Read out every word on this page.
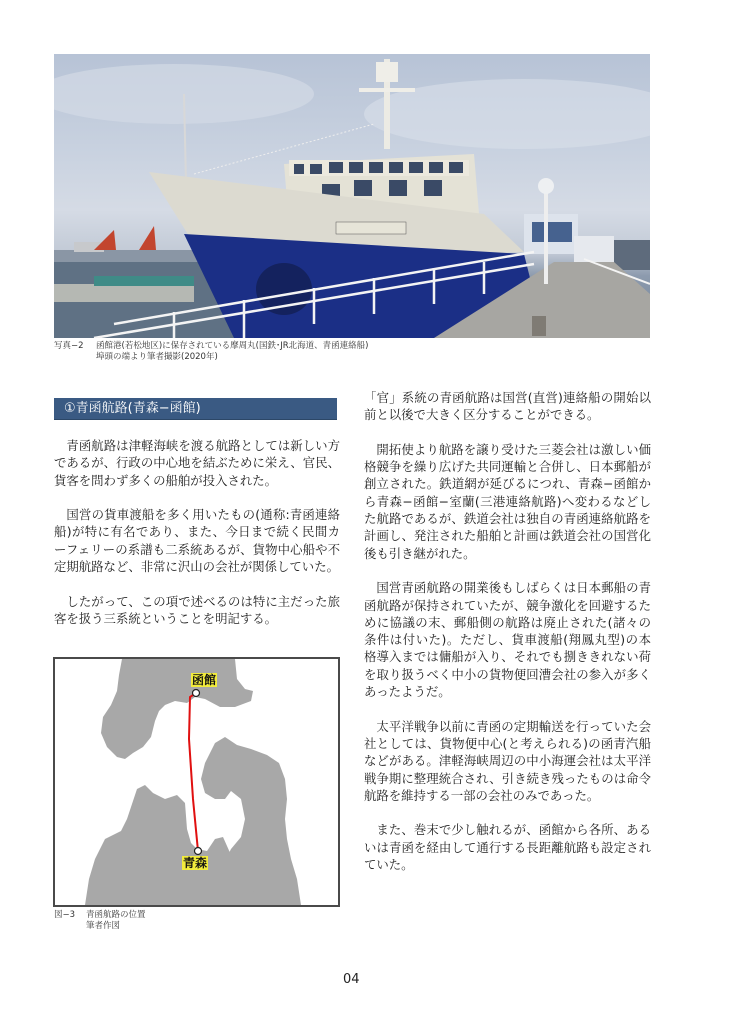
写真−2 函館港(若松地区)に保存されている摩周丸(国鉄･JR北海道、青函連絡船)
埠頭の端より筆者撮影(2020年)
①青函航路(青森−函館)

青函航路は津軽海峡を渡る航路としては新しい方であるが、行政の中心地を結ぶために栄え、官民、貨客を問わず多くの船舶が投入された。

国営の貨車渡船を多く用いたもの(通称:青函連絡船)が特に有名であり、また、今日まで続く民間カーフェリーの系譜も二系統あるが、貨物中心船や不定期航路など、非常に沢山の会社が関係していた。

したがって、この項で述べるのは特に主だった旅客を扱う三系統ということを明記する。

「官」系統の青函航路は国営(直営)連絡船の開始以前と以後で大きく区分することができる。

開拓使より航路を譲り受けた三菱会社は激しい価格競争を繰り広げた共同運輸と合併し、日本郵船が創立された。鉄道網が延びるにつれ、青森−函館から青森−函館−室蘭(三港連絡航路)へ変わるなどした航路であるが、鉄道会社は独自の青函連絡航路を計画し、発注された船舶と計画は鉄道会社の国営化後も引き継がれた。

国営青函航路の開業後もしばらくは日本郵船の青函航路が保持されていたが、競争激化を回避するために協議の末、郵船側の航路は廃止された(諸々の条件は付いた)。ただし、貨車渡船(翔鳳丸型)の本格導入までは傭船が入り、それでも捌ききれない荷を取り扱うべく中小の貨物便回漕会社の参入が多くあったようだ。

太平洋戦争以前に青函の定期輸送を行っていた会社としては、貨物便中心(と考えられる)の函青汽船などがある。津軽海峡周辺の中小海運会社は太平洋戦争期に整理統合され、引き続き残ったものは命令航路を維持する一部の会社のみであった。

また、巻末で少し触れるが、函館から各所、あるいは青函を経由して通行する長距離航路も設定されていた。

函館
青森
図−3 青函航路の位置
筆者作図
04
